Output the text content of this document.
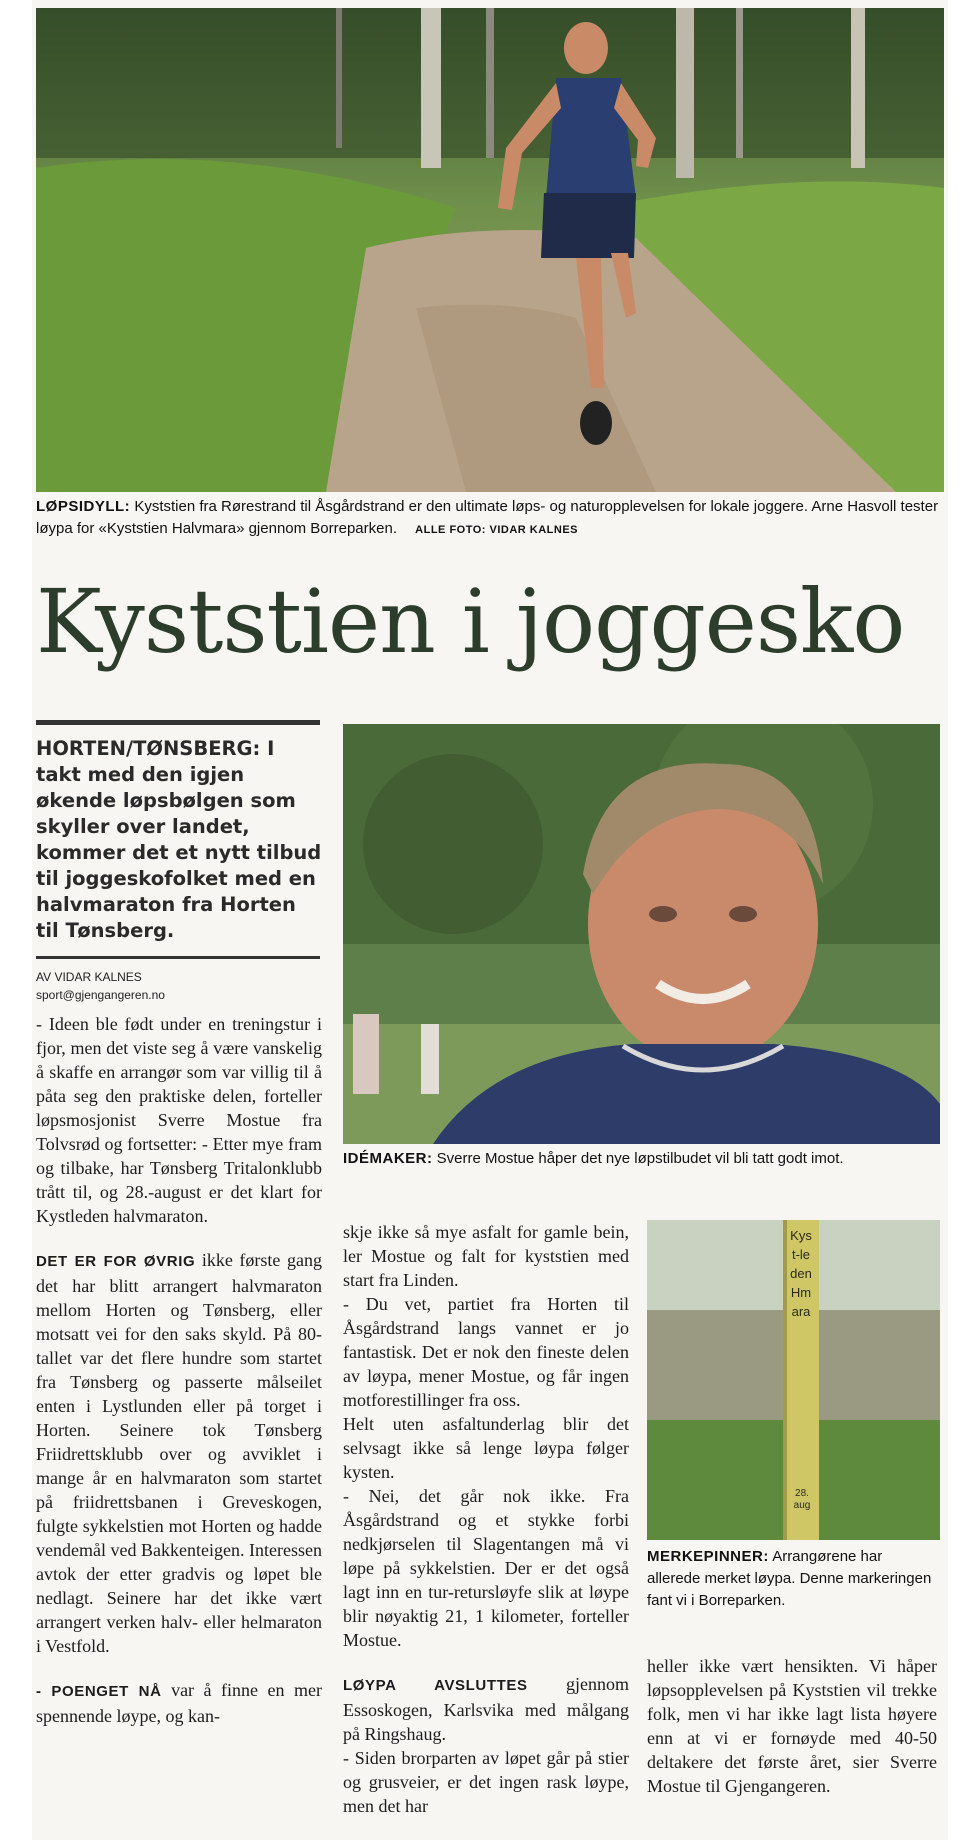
LØPSIDYLL: Kyststien fra Rørestrand til Åsgårdstrand er den ultimate løps- og naturopplevelsen for lokale joggere. Arne Hasvoll tester løypa for «Kyststien Halvmara» gjennom Borreparken. ALLE FOTO: VIDAR KALNES
Kyststien i joggesko
HORTEN/TØNSBERG: I takt med den igjen økende løpsbølgen som skyller over landet, kommer det et nytt tilbud til joggeskofolket med en halvmaraton fra Horten til Tønsberg.
AV VIDAR KALNES
sport@gjengangeren.no
IDÉMAKER: Sverre Mostue håper det nye løpstilbudet vil bli tatt godt imot.
Kyst-leden Hmara
28. aug
MERKEPINNER: Arrangørene har allerede merket løypa. Denne markeringen fant vi i Borreparken.

- Ideen ble født under en treningstur i fjor, men det viste seg å være vanskelig å skaffe en arrangør som var villig til å påta seg den praktiske delen, forteller løpsmosjonist Sverre Mostue fra Tolvsrød og fortsetter: - Etter mye fram og tilbake, har Tønsberg Tritalonklubb trått til, og 28.-august er det klart for Kystleden halvmaraton.

DET ER FOR ØVRIG ikke første gang det har blitt arrangert halvmaraton mellom Horten og Tønsberg, eller motsatt vei for den saks skyld. På 80-tallet var det flere hundre som startet fra Tønsberg og passerte målseilet enten i Lystlunden eller på torget i Horten. Seinere tok Tønsberg Friidrettsklubb over og avviklet i mange år en halvmaraton som startet på friidrettsbanen i Greveskogen, fulgte sykkelstien mot Horten og hadde vendemål ved Bakkenteigen. Interessen avtok der etter gradvis og løpet ble nedlagt. Seinere har det ikke vært arrangert verken halv- eller helmaraton i Vestfold.

- POENGET NÅ var å finne en mer spennende løype, og kan-

skje ikke så mye asfalt for gamle bein, ler Mostue og falt for kyststien med start fra Linden.

- Du vet, partiet fra Horten til Åsgårdstrand langs vannet er jo fantastisk. Det er nok den fineste delen av løypa, mener Mostue, og får ingen motforestillinger fra oss.

Helt uten asfaltunderlag blir det selvsagt ikke så lenge løypa følger kysten.

- Nei, det går nok ikke. Fra Åsgårdstrand og et stykke forbi nedkjørselen til Slagentangen må vi løpe på sykkelstien. Der er det også lagt inn en tur-retursløyfe slik at løype blir nøyaktig 21, 1 kilometer, forteller Mostue.

LØYPA AVSLUTTES gjennom Essoskogen, Karlsvika med målgang på Ringshaug.

- Siden brorparten av løpet går på stier og grusveier, er det ingen rask løype, men det har

heller ikke vært hensikten. Vi håper løpsopplevelsen på Kyststien vil trekke folk, men vi har ikke lagt lista høyere enn at vi er fornøyde med 40-50 deltakere det første året, sier Sverre Mostue til Gjengangeren.
